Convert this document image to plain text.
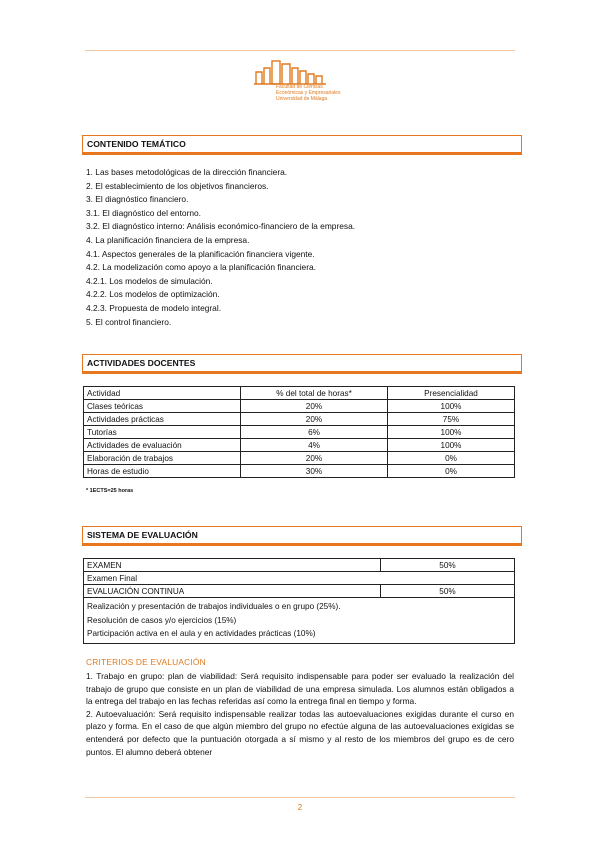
Facultad de Ciencias
Económicas y Empresariales
Universidad de Málaga
CONTENIDO TEMÁTICO
1. Las bases metodológicas de la dirección financiera.
2. El establecimiento de los objetivos financieros.
3. El diagnóstico financiero.
3.1. El diagnóstico del entorno.
3.2. El diagnóstico interno: Análisis económico-financiero de la empresa.
4. La planificación financiera de la empresa.
4.1. Aspectos generales de la planificación financiera vigente.
4.2. La modelización como apoyo a la planificación financiera.
4.2.1. Los modelos de simulación.
4.2.2. Los modelos de optimización.
4.2.3. Propuesta de modelo integral.
5. El control financiero.
ACTIVIDADES DOCENTES
Actividad	% del total de horas*	Presencialidad
Clases teóricas	20%	100%
Actividades prácticas	20%	75%
Tutorías	6%	100%
Actividades de evaluación	4%	100%
Elaboración de trabajos	20%	0%
Horas de estudio	30%	0%
* 1ECTS=25 horas
SISTEMA DE EVALUACIÓN
EXAMEN	50%
Examen Final	
EVALUACIÓN CONTINUA	50%

Realización y presentación de trabajos individuales o en grupo (25%).
Resolución de casos y/o ejercicios (15%)
Participación activa en el aula y en actividades prácticas (10%)	
CRITERIOS DE EVALUACIÓN

1. Trabajo en grupo: plan de viabilidad: Será requisito indispensable para poder ser evaluado la realización del trabajo de grupo que consiste en un plan de viabilidad de una empresa simulada. Los alumnos están obligados a la entrega del trabajo en las fechas referidas así como la entrega final en tiempo y forma.

2. Autoevaluación: Será requisito indispensable realizar todas las autoevaluaciones exigidas durante el curso en plazo y forma. En el caso de que algún miembro del grupo no efectúe alguna de las autoevaluaciones exigidas se entenderá por defecto que la puntuación otorgada a sí mismo y al resto de los miembros del grupo es de cero puntos. El alumno deberá obtener

2
